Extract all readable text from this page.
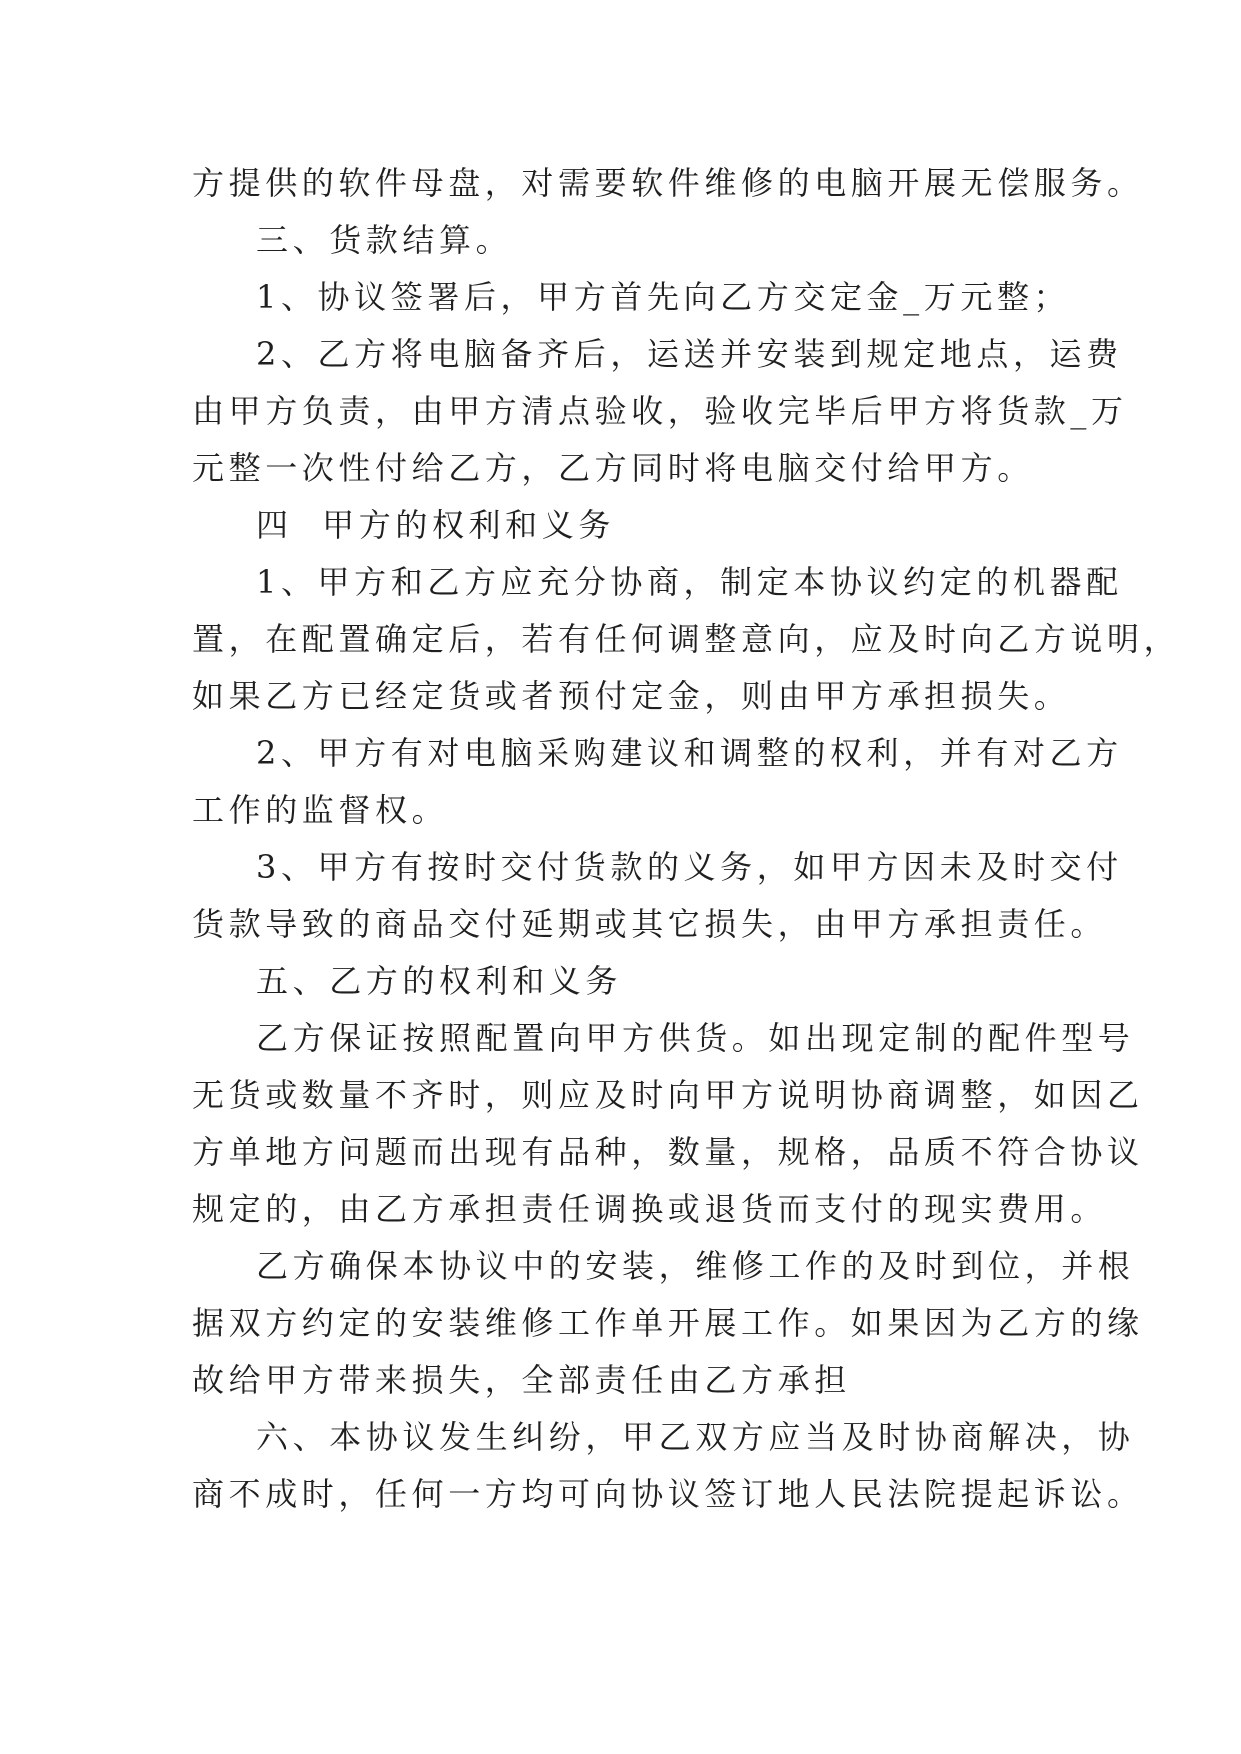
方提供的软件母盘，对需要软件维修的电脑开展无偿服务。
三、货款结算。
1、协议签署后，甲方首先向乙方交定金_万元整；
2、乙方将电脑备齐后，运送并安装到规定地点，运费
由甲方负责，由甲方清点验收，验收完毕后甲方将货款_万
元整一次性付给乙方，乙方同时将电脑交付给甲方。
四  甲方的权利和义务
1、甲方和乙方应充分协商，制定本协议约定的机器配
置，在配置确定后，若有任何调整意向，应及时向乙方说明，
如果乙方已经定货或者预付定金，则由甲方承担损失。
2、甲方有对电脑采购建议和调整的权利，并有对乙方
工作的监督权。
3、甲方有按时交付货款的义务，如甲方因未及时交付
货款导致的商品交付延期或其它损失，由甲方承担责任。
五、乙方的权利和义务
乙方保证按照配置向甲方供货。如出现定制的配件型号
无货或数量不齐时，则应及时向甲方说明协商调整，如因乙
方单地方问题而出现有品种，数量，规格，品质不符合协议
规定的，由乙方承担责任调换或退货而支付的现实费用。
乙方确保本协议中的安装，维修工作的及时到位，并根
据双方约定的安装维修工作单开展工作。如果因为乙方的缘
故给甲方带来损失，全部责任由乙方承担
六、本协议发生纠纷，甲乙双方应当及时协商解决，协
商不成时，任何一方均可向协议签订地人民法院提起诉讼。
